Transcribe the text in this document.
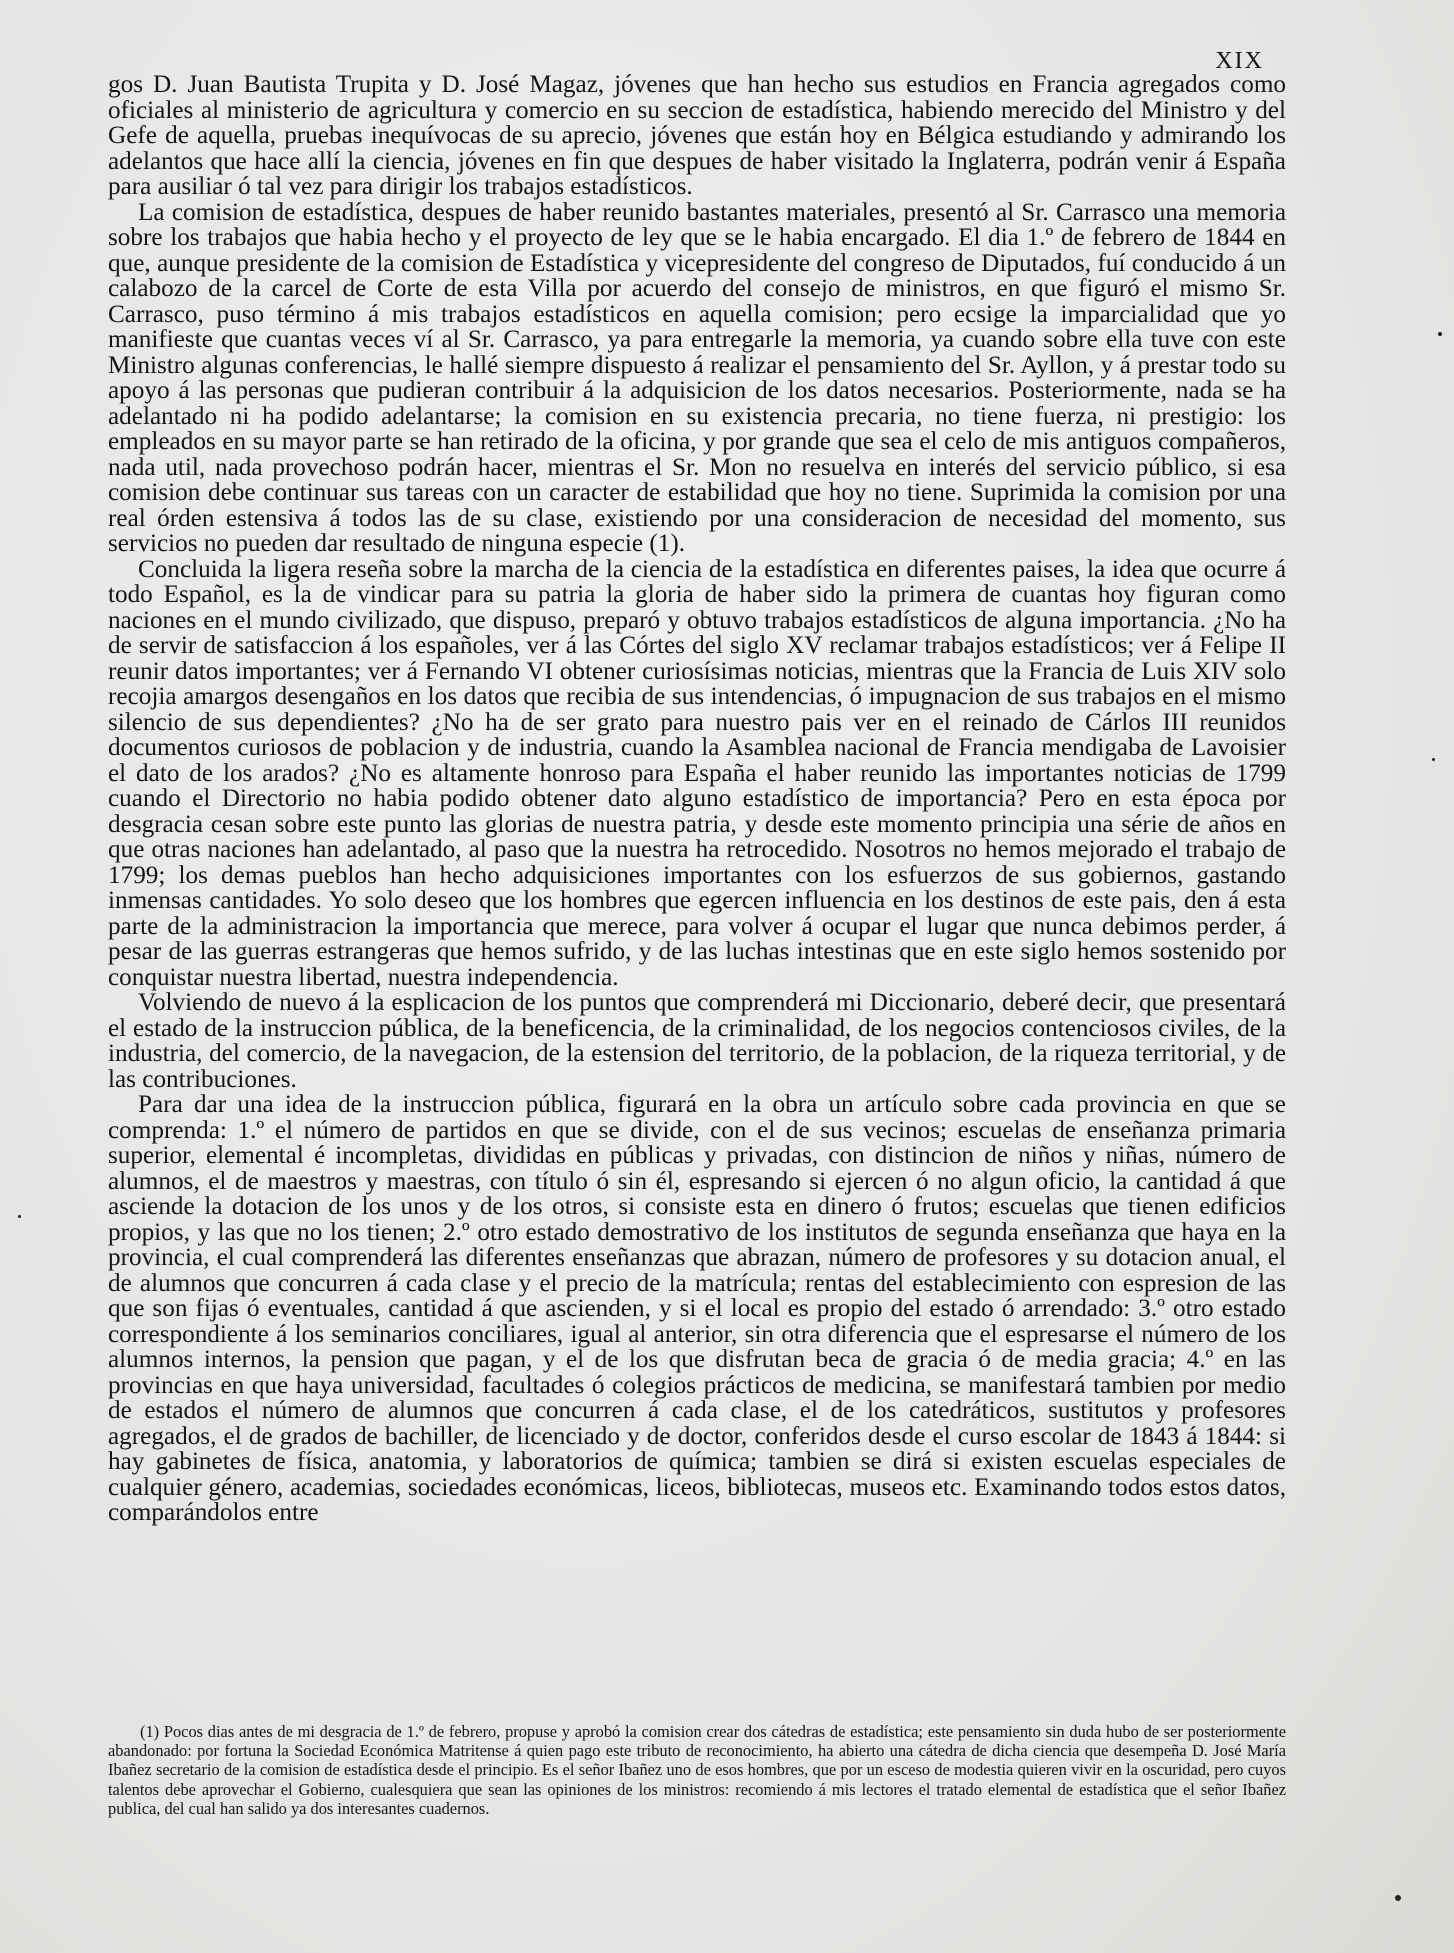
XIX

gos D. Juan Bautista Trupita y D. José Magaz, jóvenes que han hecho sus estudios en Francia agregados como oficiales al ministerio de agricultura y comercio en su seccion de estadística, habiendo merecido del Ministro y del Gefe de aquella, pruebas inequívocas de su aprecio, jóvenes que están hoy en Bélgica estudiando y admirando los adelantos que hace allí la ciencia, jóvenes en fin que despues de haber visitado la Inglaterra, podrán venir á España para ausiliar ó tal vez para dirigir los trabajos estadísticos.

La comision de estadística, despues de haber reunido bastantes materiales, presentó al Sr. Carrasco una memoria sobre los trabajos que habia hecho y el proyecto de ley que se le habia encargado. El dia 1.º de febrero de 1844 en que, aunque presidente de la comision de Estadística y vicepresidente del congreso de Diputados, fuí conducido á un calabozo de la carcel de Corte de esta Villa por acuerdo del consejo de ministros, en que figuró el mismo Sr. Carrasco, puso término á mis trabajos estadísticos en aquella comision; pero ecsige la imparcialidad que yo manifieste que cuantas veces ví al Sr. Carrasco, ya para entregarle la memoria, ya cuando sobre ella tuve con este Ministro algunas conferencias, le hallé siempre dispuesto á realizar el pensamiento del Sr. Ayllon, y á prestar todo su apoyo á las personas que pudieran contribuir á la adquisicion de los datos necesarios. Posteriormente, nada se ha adelantado ni ha podido adelantarse; la comision en su existencia precaria, no tiene fuerza, ni prestigio: los empleados en su mayor parte se han retirado de la oficina, y por grande que sea el celo de mis antiguos compañeros, nada util, nada provechoso podrán hacer, mientras el Sr. Mon no resuelva en interés del servicio público, si esa comision debe continuar sus tareas con un caracter de estabilidad que hoy no tiene. Suprimida la comision por una real órden estensiva á todos las de su clase, existiendo por una consideracion de necesidad del momento, sus servicios no pueden dar resultado de ninguna especie (1).

Concluida la ligera reseña sobre la marcha de la ciencia de la estadística en diferentes paises, la idea que ocurre á todo Español, es la de vindicar para su patria la gloria de haber sido la primera de cuantas hoy figuran como naciones en el mundo civilizado, que dispuso, preparó y obtuvo trabajos estadísticos de alguna importancia. ¿No ha de servir de satisfaccion á los españoles, ver á las Córtes del siglo XV reclamar trabajos estadísticos; ver á Felipe II reunir datos importantes; ver á Fernando VI obtener curiosísimas noticias, mientras que la Francia de Luis XIV solo recojia amargos desengaños en los datos que recibia de sus intendencias, ó impugnacion de sus trabajos en el mismo silencio de sus dependientes? ¿No ha de ser grato para nuestro pais ver en el reinado de Cárlos III reunidos documentos curiosos de poblacion y de industria, cuando la Asamblea nacional de Francia mendigaba de Lavoisier el dato de los arados? ¿No es altamente honroso para España el haber reunido las importantes noticias de 1799 cuando el Directorio no habia podido obtener dato alguno estadístico de importancia? Pero en esta época por desgracia cesan sobre este punto las glorias de nuestra patria, y desde este momento principia una série de años en que otras naciones han adelantado, al paso que la nuestra ha retrocedido. Nosotros no hemos mejorado el trabajo de 1799; los demas pueblos han hecho adquisiciones importantes con los esfuerzos de sus gobiernos, gastando inmensas cantidades. Yo solo deseo que los hombres que egercen influencia en los destinos de este pais, den á esta parte de la administracion la importancia que merece, para volver á ocupar el lugar que nunca debimos perder, á pesar de las guerras estrangeras que hemos sufrido, y de las luchas intestinas que en este siglo hemos sostenido por conquistar nuestra libertad, nuestra independencia.

Volviendo de nuevo á la esplicacion de los puntos que comprenderá mi Diccionario, deberé decir, que presentará el estado de la instruccion pública, de la beneficencia, de la criminalidad, de los negocios contenciosos civiles, de la industria, del comercio, de la navegacion, de la estension del territorio, de la poblacion, de la riqueza territorial, y de las contribuciones.

Para dar una idea de la instruccion pública, figurará en la obra un artículo sobre cada provincia en que se comprenda: 1.º el número de partidos en que se divide, con el de sus vecinos; escuelas de enseñanza primaria superior, elemental é incompletas, divididas en públicas y privadas, con distincion de niños y niñas, número de alumnos, el de maestros y maestras, con título ó sin él, espresando si ejercen ó no algun oficio, la cantidad á que asciende la dotacion de los unos y de los otros, si consiste esta en dinero ó frutos; escuelas que tienen edificios propios, y las que no los tienen; 2.º otro estado demostrativo de los institutos de segunda enseñanza que haya en la provincia, el cual comprenderá las diferentes enseñanzas que abrazan, número de profesores y su dotacion anual, el de alumnos que concurren á cada clase y el precio de la matrícula; rentas del establecimiento con espresion de las que son fijas ó eventuales, cantidad á que ascienden, y si el local es propio del estado ó arrendado: 3.º otro estado correspondiente á los seminarios conciliares, igual al anterior, sin otra diferencia que el espresarse el número de los alumnos internos, la pension que pagan, y el de los que disfrutan beca de gracia ó de media gracia; 4.º en las provincias en que haya universidad, facultades ó colegios prácticos de medicina, se manifestará tambien por medio de estados el número de alumnos que concurren á cada clase, el de los catedráticos, sustitutos y profesores agregados, el de grados de bachiller, de licenciado y de doctor, conferidos desde el curso escolar de 1843 á 1844: si hay gabinetes de física, anatomia, y laboratorios de química; tambien se dirá si existen escuelas especiales de cualquier género, academias, sociedades económicas, liceos, bibliotecas, museos etc. Examinando todos estos datos, comparándolos entre

(1) Pocos dias antes de mi desgracia de 1.º de febrero, propuse y aprobó la comision crear dos cátedras de estadística; este pensamiento sin duda hubo de ser posteriormente abandonado: por fortuna la Sociedad Económica Matritense á quien pago este tributo de reconocimiento, ha abierto una cátedra de dicha ciencia que desempeña D. José María Ibañez secretario de la comision de estadística desde el principio. Es el señor Ibañez uno de esos hombres, que por un esceso de modestia quieren vivir en la oscuridad, pero cuyos talentos debe aprovechar el Gobierno, cualesquiera que sean las opiniones de los ministros: recomiendo á mis lectores el tratado elemental de estadística que el señor Ibañez publica, del cual han salido ya dos interesantes cuadernos.
